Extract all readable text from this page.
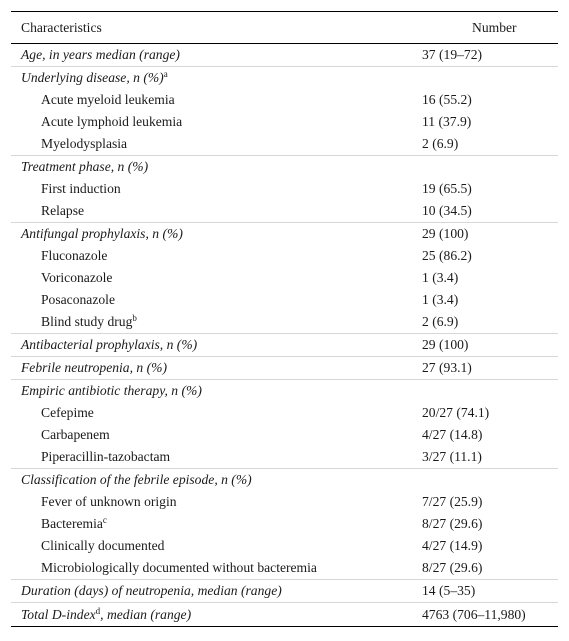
Characteristics	Number
Age, in years median (range)	37 (19–72)
Underlying disease, n (%)$^a$	
Acute myeloid leukemia	16 (55.2)
Acute lymphoid leukemia	11 (37.9)
Myelodysplasia	2 (6.9)
Treatment phase, n (%)	
First induction	19 (65.5)
Relapse	10 (34.5)
Antifungal prophylaxis, n (%)	29 (100)
Fluconazole	25 (86.2)
Voriconazole	1 (3.4)
Posaconazole	1 (3.4)
Blind study drug$^b$	2 (6.9)
Antibacterial prophylaxis, n (%)	29 (100)
Febrile neutropenia, n (%)	27 (93.1)
Empiric antibiotic therapy, n (%)	
Cefepime	20/27 (74.1)
Carbapenem	4/27 (14.8)
Piperacillin-tazobactam	3/27 (11.1)
Classification of the febrile episode, n (%)	
Fever of unknown origin	7/27 (25.9)
Bacteremia$^c$	8/27 (29.6)
Clinically documented	4/27 (14.9)
Microbiologically documented without bacteremia	8/27 (29.6)
Duration (days) of neutropenia, median (range)	14 (5–35)
Total D-index$^d$, median (range)	4763 (706–11,980)
